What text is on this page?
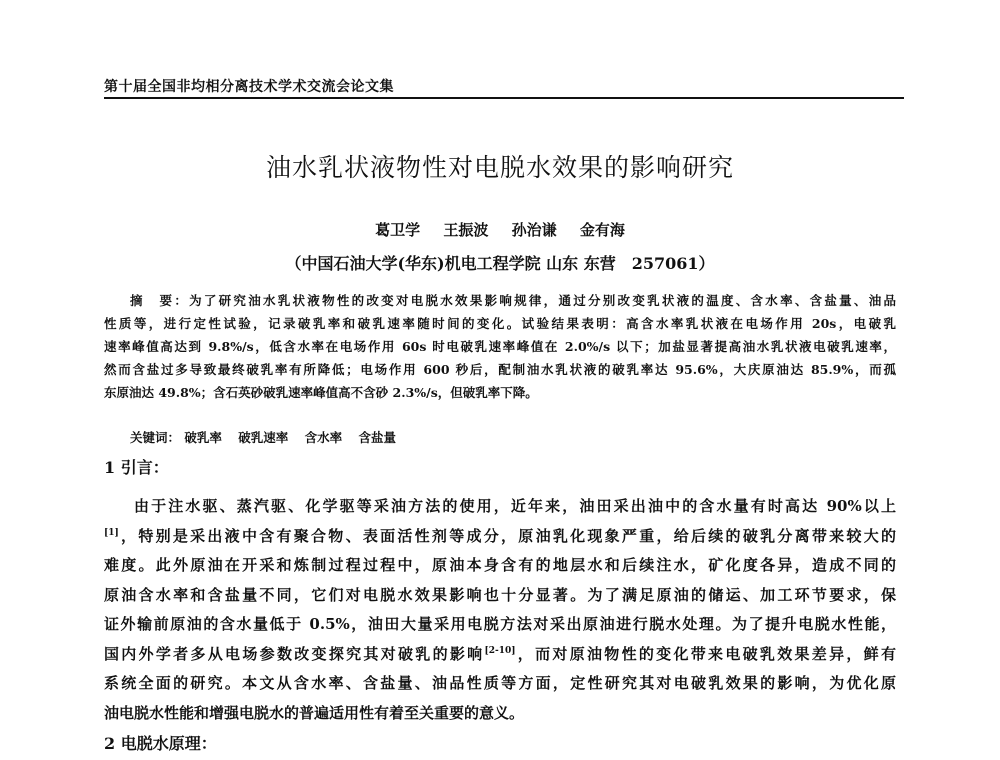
第十届全国非均相分离技术学术交流会论文集
油水乳状液物性对电脱水效果的影响研究
葛卫学 王振波 孙治谦 金有海
（中国石油大学(华东)机电工程学院 山东 东营　257061）
摘　要：为了研究油水乳状液物性的改变对电脱水效果影响规律，通过分别改变乳状液的温度、含水率、含盐量、油品
性质等，进行定性试验，记录破乳率和破乳速率随时间的变化。试验结果表明：高含水率乳状液在电场作用 20s，电破乳
速率峰值高达到 9.8%/s，低含水率在电场作用 60s 时电破乳速率峰值在 2.0%/s 以下；加盐显著提高油水乳状液电破乳速率，
然而含盐过多导致最终破乳率有所降低；电场作用 600 秒后，配制油水乳状液的破乳率达 95.6%，大庆原油达 85.9%，而孤
东原油达 49.8%；含石英砂破乳速率峰值高不含砂 2.3%/s，但破乳率下降。
关键词： 破乳率 破乳速率 含水率 含盐量
1 引言：
由于注水驱、蒸汽驱、化学驱等采油方法的使用，近年来，油田采出油中的含水量有时高达 90%以上
[1]，特别是采出液中含有聚合物、表面活性剂等成分，原油乳化现象严重，给后续的破乳分离带来较大的
难度。此外原油在开采和炼制过程过程中，原油本身含有的地层水和后续注水，矿化度各异，造成不同的
原油含水率和含盐量不同，它们对电脱水效果影响也十分显著。为了满足原油的储运、加工环节要求，保
证外输前原油的含水量低于 0.5%，油田大量采用电脱方法对采出原油进行脱水处理。为了提升电脱水性能，
国内外学者多从电场参数改变探究其对破乳的影响[2-10]，而对原油物性的变化带来电破乳效果差异，鲜有
系统全面的研究。本文从含水率、含盐量、油品性质等方面，定性研究其对电破乳效果的影响，为优化原
油电脱水性能和增强电脱水的普遍适用性有着至关重要的意义。
2 电脱水原理：
